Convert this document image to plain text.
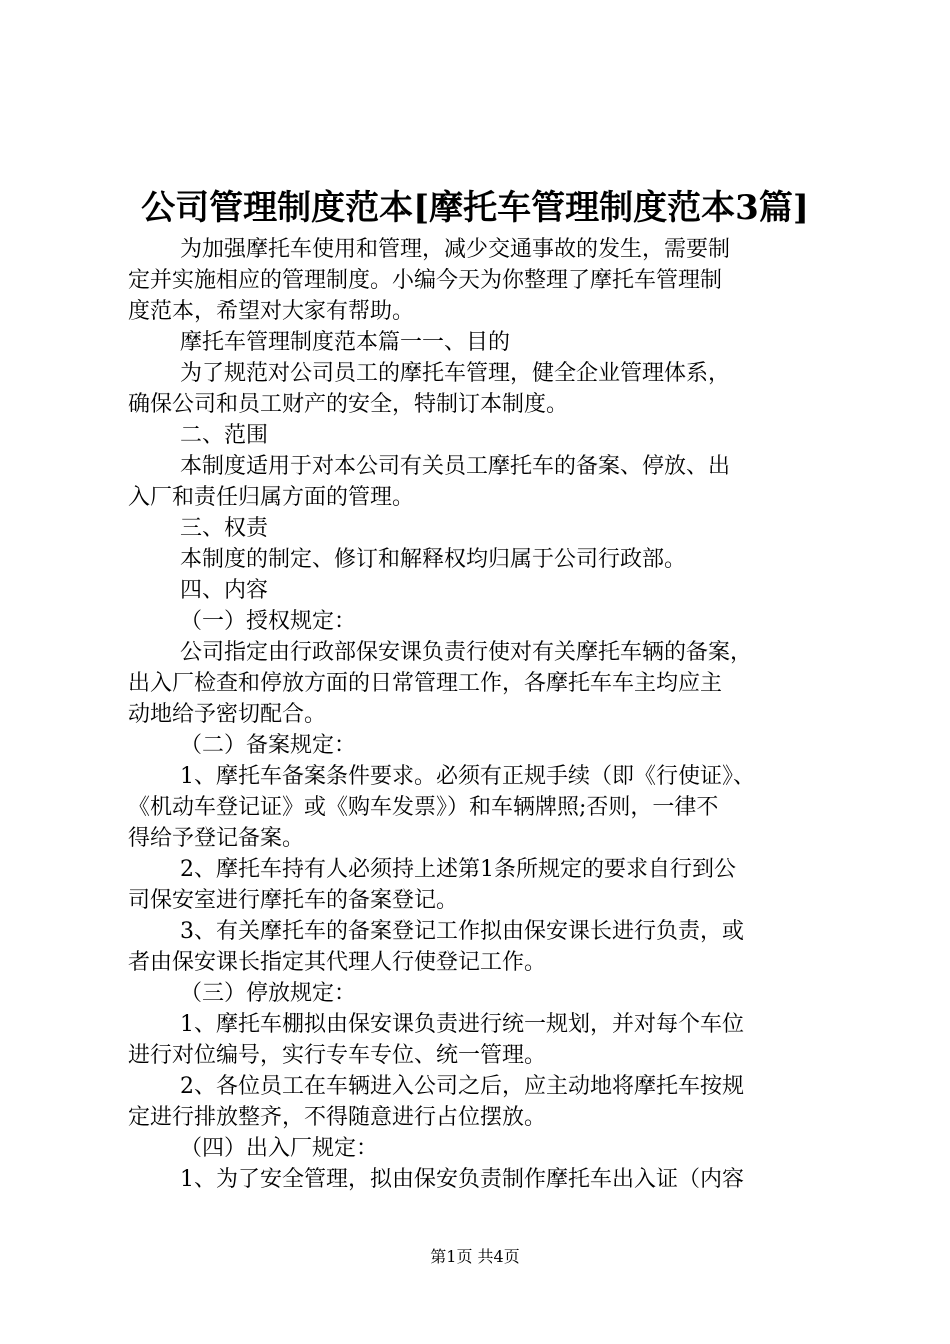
公司管理制度范本[摩托车管理制度范本3篇]
为加强摩托车使用和管理，减少交通事故的发生，需要制
定并实施相应的管理制度。小编今天为你整理了摩托车管理制
度范本，希望对大家有帮助。
摩托车管理制度范本篇一一、目的
为了规范对公司员工的摩托车管理，健全企业管理体系，
确保公司和员工财产的安全，特制订本制度。
二、范围
本制度适用于对本公司有关员工摩托车的备案、停放、出
入厂和责任归属方面的管理。
三、权责
本制度的制定、修订和解释权均归属于公司行政部。
四、内容
（一）授权规定：
公司指定由行政部保安课负责行使对有关摩托车辆的备案，
出入厂检查和停放方面的日常管理工作，各摩托车车主均应主
动地给予密切配合。
（二）备案规定：
1、摩托车备案条件要求。必须有正规手续（即《行使证》、
《机动车登记证》或《购车发票》）和车辆牌照;否则，一律不
得给予登记备案。
2、摩托车持有人必须持上述第1条所规定的要求自行到公
司保安室进行摩托车的备案登记。
3、有关摩托车的备案登记工作拟由保安课长进行负责，或
者由保安课长指定其代理人行使登记工作。
（三）停放规定：
1、摩托车棚拟由保安课负责进行统一规划，并对每个车位
进行对位编号，实行专车专位、统一管理。
2、各位员工在车辆进入公司之后，应主动地将摩托车按规
定进行排放整齐，不得随意进行占位摆放。
（四）出入厂规定：
1、为了安全管理，拟由保安负责制作摩托车出入证（内容
第1页 共4页
